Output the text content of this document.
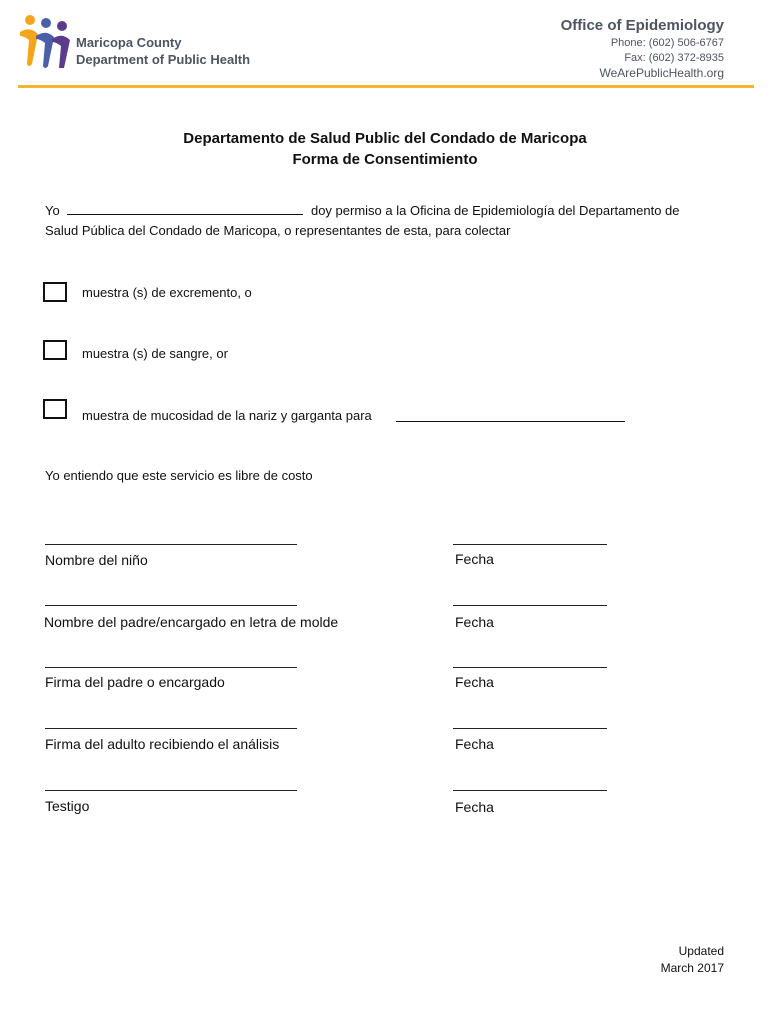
Maricopa County
Department of Public Health
Office of Epidemiology
Phone: (602) 506-6767
Fax: (602) 372-8935
WeArePublicHealth.org
Departamento de Salud Public del Condado de Maricopa
Forma de Consentimiento
Yo	doy permiso a la Oficina de Epidemiología del Departamento de
Salud Pública del Condado de Maricopa, o representantes de esta, para colectar
muestra (s) de excremento, o
muestra (s) de sangre, or
muestra de mucosidad de la nariz y garganta para
Yo entiendo que este servicio es libre de costo
Nombre del niño	Fecha
Nombre del padre/encargado en letra de molde	Fecha
Firma del padre o encargado	Fecha
Firma del adulto recibiendo el análisis	Fecha
Testigo	Fecha
Updated
March 2017
